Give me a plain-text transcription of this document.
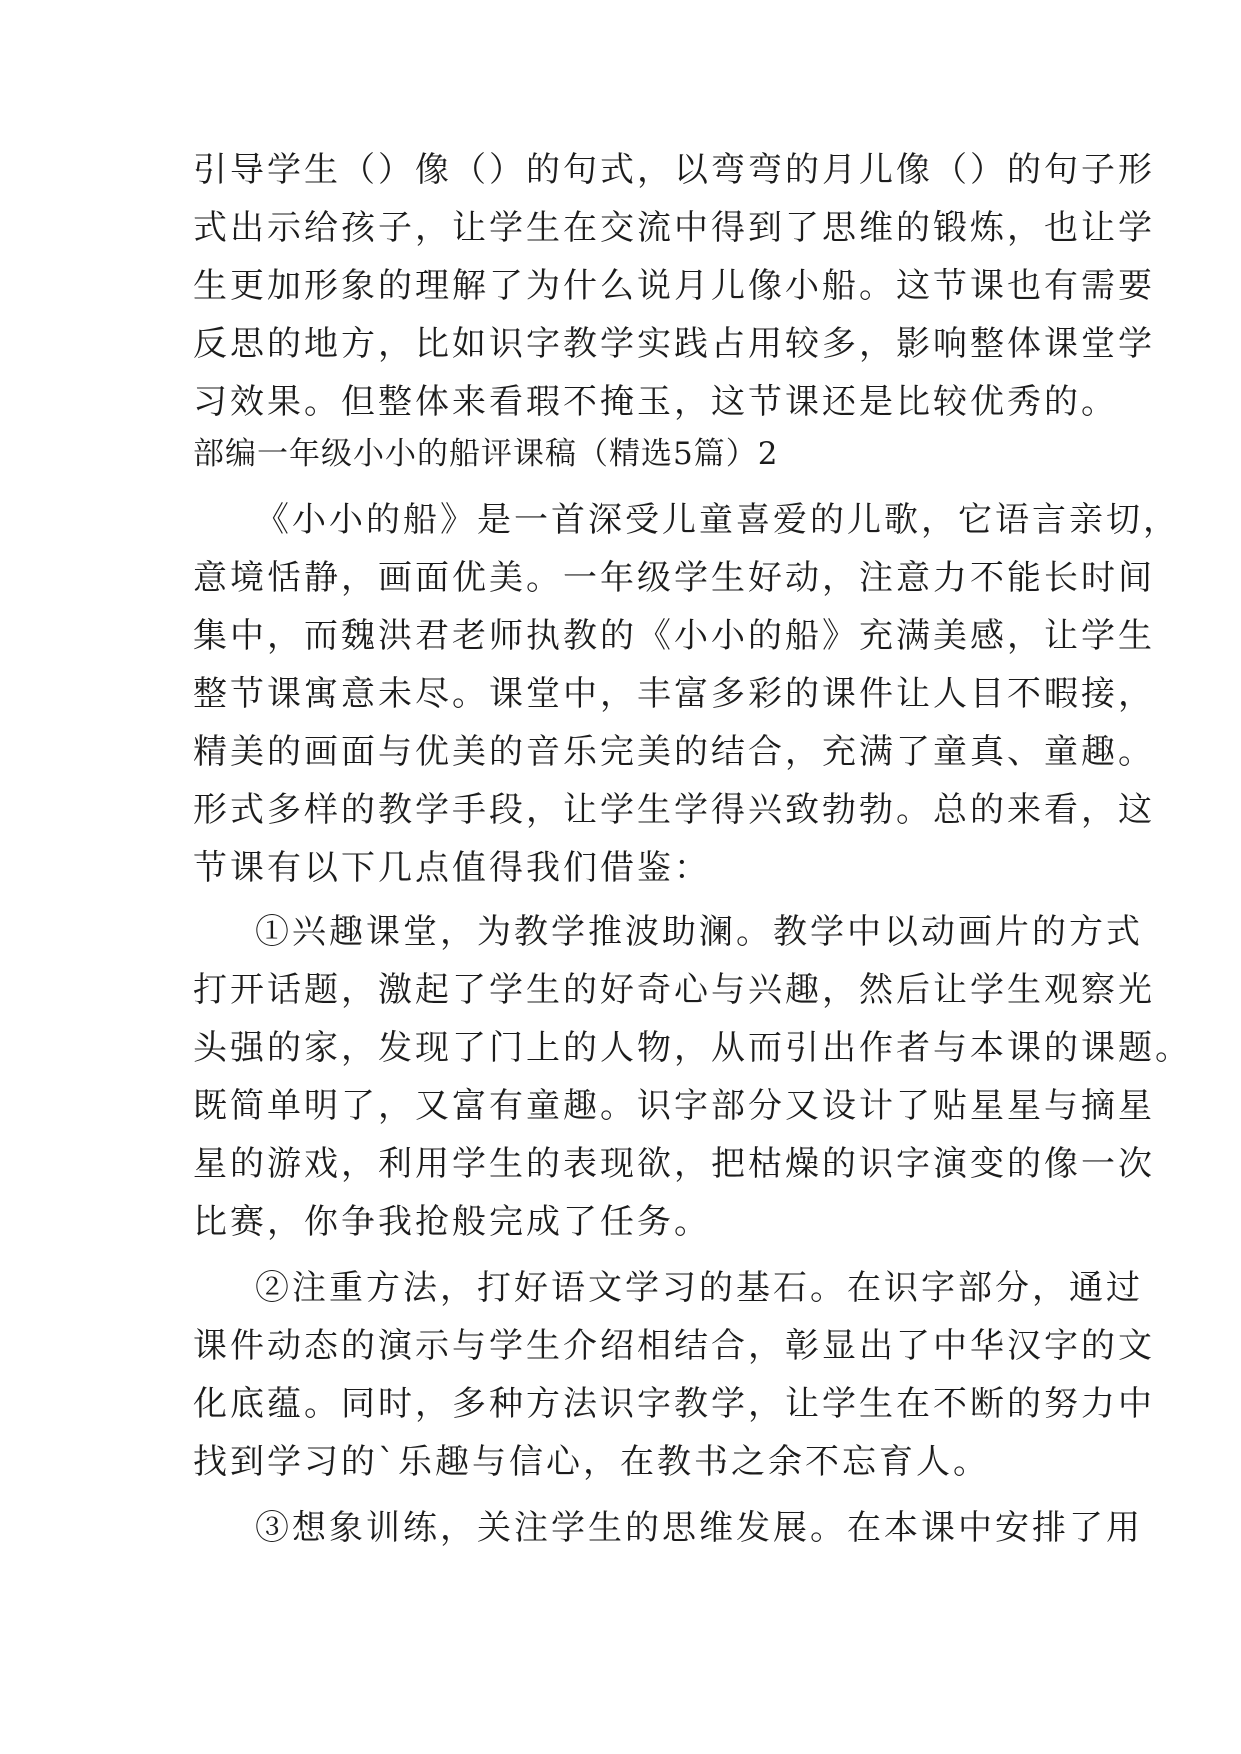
引导学生（）像（）的句式，以弯弯的月儿像（）的句子形
式出示给孩子，让学生在交流中得到了思维的锻炼，也让学
生更加形象的理解了为什么说月儿像小船。这节课也有需要
反思的地方，比如识字教学实践占用较多，影响整体课堂学
习效果。但整体来看瑕不掩玉，这节课还是比较优秀的。
部编一年级小小的船评课稿（精选5篇）2
《小小的船》是一首深受儿童喜爱的儿歌，它语言亲切，
意境恬静，画面优美。一年级学生好动，注意力不能长时间
集中，而魏洪君老师执教的《小小的船》充满美感，让学生
整节课寓意未尽。课堂中，丰富多彩的课件让人目不暇接，
精美的画面与优美的音乐完美的结合，充满了童真、童趣。
形式多样的教学手段，让学生学得兴致勃勃。总的来看，这
节课有以下几点值得我们借鉴：
①兴趣课堂，为教学推波助澜。教学中以动画片的方式
打开话题，激起了学生的好奇心与兴趣，然后让学生观察光
头强的家，发现了门上的人物，从而引出作者与本课的课题。
既简单明了，又富有童趣。识字部分又设计了贴星星与摘星
星的游戏，利用学生的表现欲，把枯燥的识字演变的像一次
比赛，你争我抢般完成了任务。
②注重方法，打好语文学习的基石。在识字部分，通过
课件动态的演示与学生介绍相结合，彰显出了中华汉字的文
化底蕴。同时，多种方法识字教学，让学生在不断的努力中
找到学习的`乐趣与信心，在教书之余不忘育人。
③想象训练，关注学生的思维发展。在本课中安排了用
